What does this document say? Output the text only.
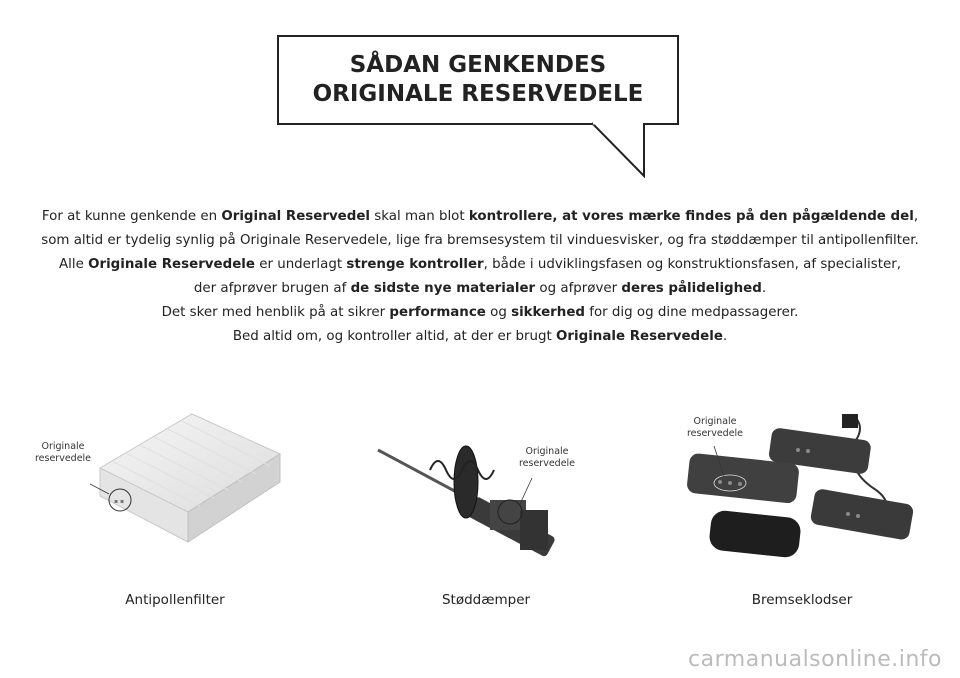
SÅDAN GENKENDES
ORIGINALE RESERVEDELE

For at kunne genkende en Original Reservedel skal man blot kontrollere, at vores mærke findes på den pågældende del,

som altid er tydelig synlig på Originale Reservedele, lige fra bremsesystem til vinduesvisker, og fra støddæmper til antipollenfilter.

Alle Originale Reservedele er underlagt strenge kontroller, både i udviklingsfasen og konstruktionsfasen, af specialister,

der afprøver brugen af de sidste nye materialer og afprøver deres pålidelighed.

Det sker med henblik på at sikrer performance og sikkerhed for dig og dine medpassagerer.

Bed altid om, og kontroller altid, at der er brugt Originale Reservedele.

▪ ▪
Originale
reservedele
Antipollenfilter
Originale
reservedele
Støddæmper
Originale
reservedele
Bremseklodser
carmanualsonline.info
